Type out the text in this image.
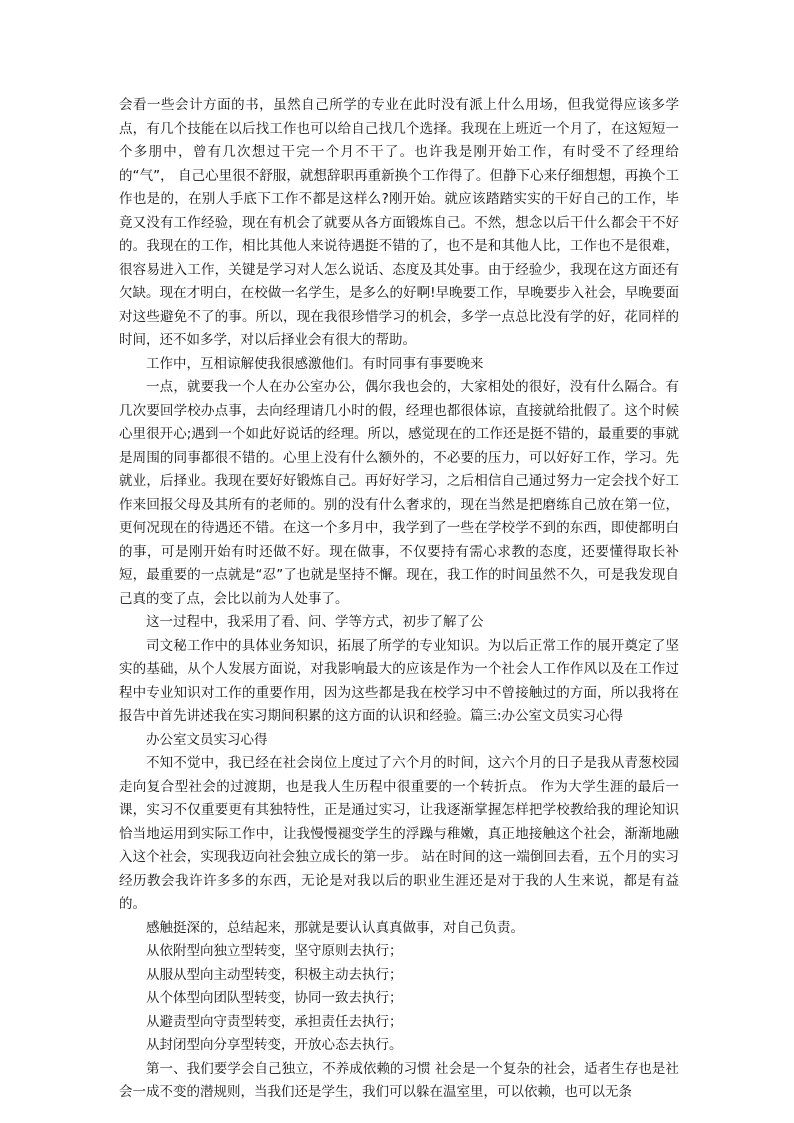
会看一些会计方面的书，虽然自己所学的专业在此时没有派上什么用场，但我觉得应该多学点，有几个技能在以后找工作也可以给自己找几个选择。我现在上班近一个月了，在这短短一个多朋中，曾有几次想过干完一个月不干了。也许我是刚开始工作，有时受不了经理给的“气”， 自己心里很不舒服，就想辞职再重新换个工作得了。但静下心来仔细想想，再换个工作也是的，在别人手底下工作不都是这样么?刚开始。就应该踏踏实实的干好自己的工作，毕竟又没有工作经验，现在有机会了就要从各方面锻炼自己。不然，想念以后干什么都会干不好的。我现在的工作，相比其他人来说待遇挺不错的了，也不是和其他人比，工作也不是很难，很容易进入工作，关键是学习对人怎么说话、态度及其处事。由于经验少，我现在这方面还有欠缺。现在才明白，在校做一名学生，是多么的好啊!早晚要工作，早晚要步入社会，早晚要面对这些避免不了的事。所以，现在我很珍惜学习的机会，多学一点总比没有学的好，花同样的时间，还不如多学，对以后择业会有很大的帮助。

工作中，互相谅解使我很感激他们。有时同事有事要晚来

一点，就要我一个人在办公室办公，偶尔我也会的，大家相处的很好，没有什么隔合。有几次要回学校办点事，去向经理请几小时的假，经理也都很体谅，直接就给批假了。这个时候心里很开心;遇到一个如此好说话的经理。所以，感觉现在的工作还是挺不错的，最重要的事就是周围的同事都很不错的。心里上没有什么额外的，不必要的压力，可以好好工作，学习。先就业，后择业。我现在要好好锻炼自己。再好好学习，之后相信自己通过努力一定会找个好工作来回报父母及其所有的老师的。别的没有什么奢求的，现在当然是把磨练自己放在第一位，更何况现在的待遇还不错。在这一个多月中，我学到了一些在学校学不到的东西，即使都明白的事，可是刚开始有时还做不好。现在做事，不仅要持有需心求教的态度，还要懂得取长补短，最重要的一点就是“忍”了也就是坚持不懈。现在，我工作的时间虽然不久，可是我发现自己真的变了点，会比以前为人处事了。

这一过程中，我采用了看、问、学等方式，初步了解了公

司文秘工作中的具体业务知识，拓展了所学的专业知识。为以后正常工作的展开奠定了坚实的基础，从个人发展方面说，对我影响最大的应该是作为一个社会人工作作风以及在工作过程中专业知识对工作的重要作用，因为这些都是我在校学习中不曾接触过的方面，所以我将在报告中首先讲述我在实习期间积累的这方面的认识和经验。篇三:办公室文员实习心得

办公室文员实习心得

不知不觉中，我已经在社会岗位上度过了六个月的时间，这六个月的日子是我从青葱校园走向复合型社会的过渡期，也是我人生历程中很重要的一个转折点。 作为大学生涯的最后一课，实习不仅重要更有其独特性，正是通过实习，让我逐渐掌握怎样把学校教给我的理论知识恰当地运用到实际工作中，让我慢慢褪变学生的浮躁与稚嫩，真正地接触这个社会，渐渐地融入这个社会，实现我迈向社会独立成长的第一步。 站在时间的这一端倒回去看，五个月的实习经历教会我许许多多的东西，无论是对我以后的职业生涯还是对于我的人生来说，都是有益的。

感触挺深的，总结起来，那就是要认认真真做事，对自己负责。

从依附型向独立型转变，坚守原则去执行；

从服从型向主动型转变，积极主动去执行；

从个体型向团队型转变，协同一致去执行；

从避责型向守责型转变，承担责任去执行；

从封闭型向分享型转变，开放心态去执行。

第一、我们要学会自己独立，不养成依赖的习惯 社会是一个复杂的社会，适者生存也是社会一成不变的潜规则，当我们还是学生，我们可以躲在温室里，可以依赖，也可以无条
